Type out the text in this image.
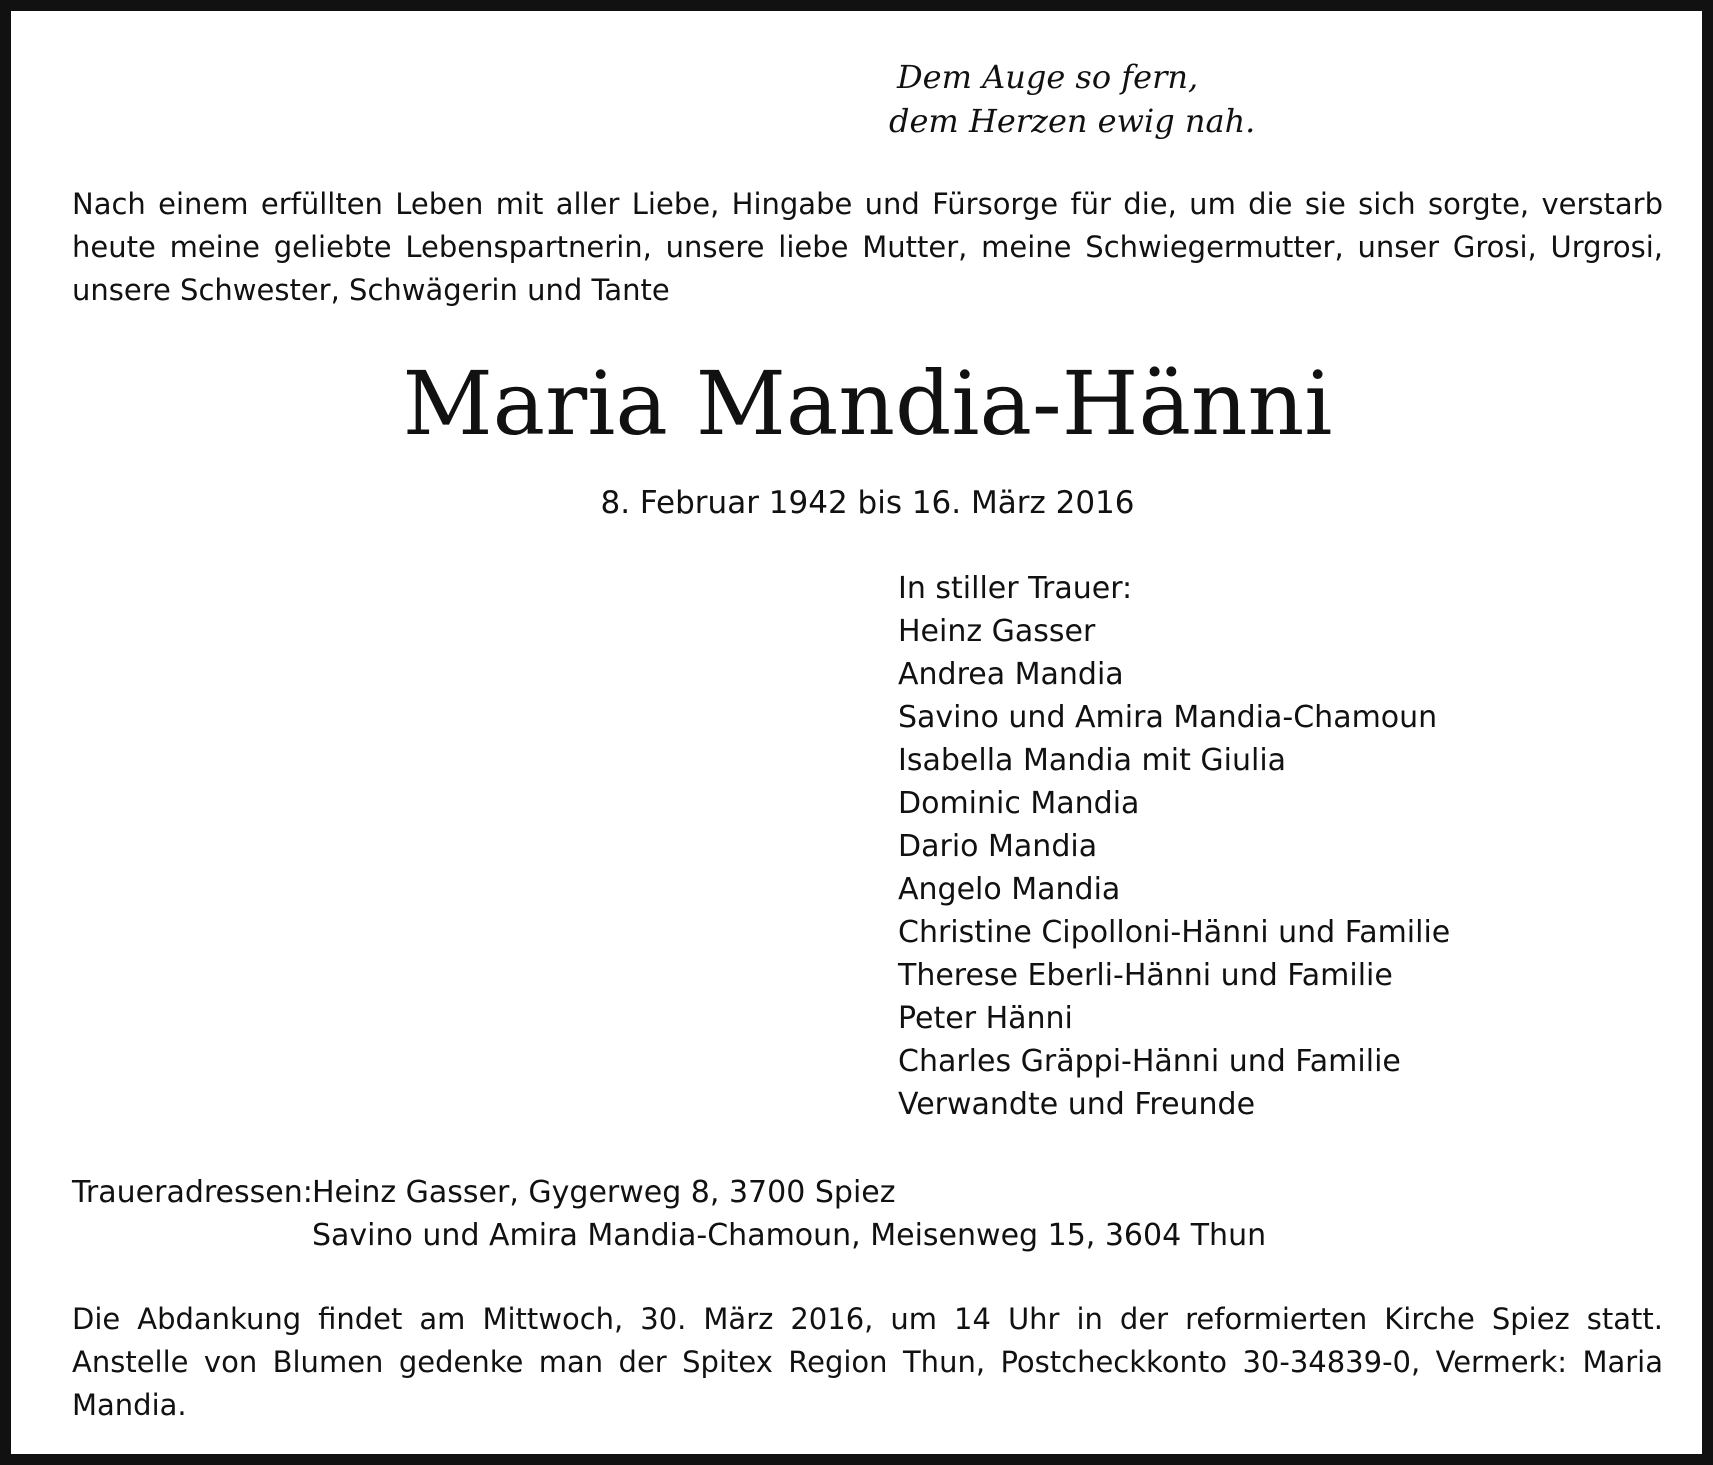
Dem Auge so fern,
dem Herzen ewig nah.
Nach einem erfüllten Leben mit aller Liebe, Hingabe und Fürsorge für die, um die sie sich sorgte, verstarb
heute meine geliebte Lebenspartnerin, unsere liebe Mutter, meine Schwiegermutter, unser Grosi, Urgrosi,
unsere Schwester, Schwägerin und Tante
Maria Mandia-Hänni
8. Februar 1942 bis 16. März 2016
In stiller Trauer:
Heinz Gasser
Andrea Mandia
Savino und Amira Mandia-Chamoun
Isabella Mandia mit Giulia
Dominic Mandia
Dario Mandia
Angelo Mandia
Christine Cipolloni-Hänni und Familie
Therese Eberli-Hänni und Familie
Peter Hänni
Charles Gräppi-Hänni und Familie
Verwandte und Freunde
Traueradressen: Heinz Gasser, Gygerweg 8, 3700 Spiez
Savino und Amira Mandia-Chamoun, Meisenweg 15, 3604 Thun
Die Abdankung findet am Mittwoch, 30. März 2016, um 14 Uhr in der reformierten Kirche Spiez statt.
Anstelle von Blumen gedenke man der Spitex Region Thun, Postcheckkonto 30-34839-0, Vermerk: Maria
Mandia.
